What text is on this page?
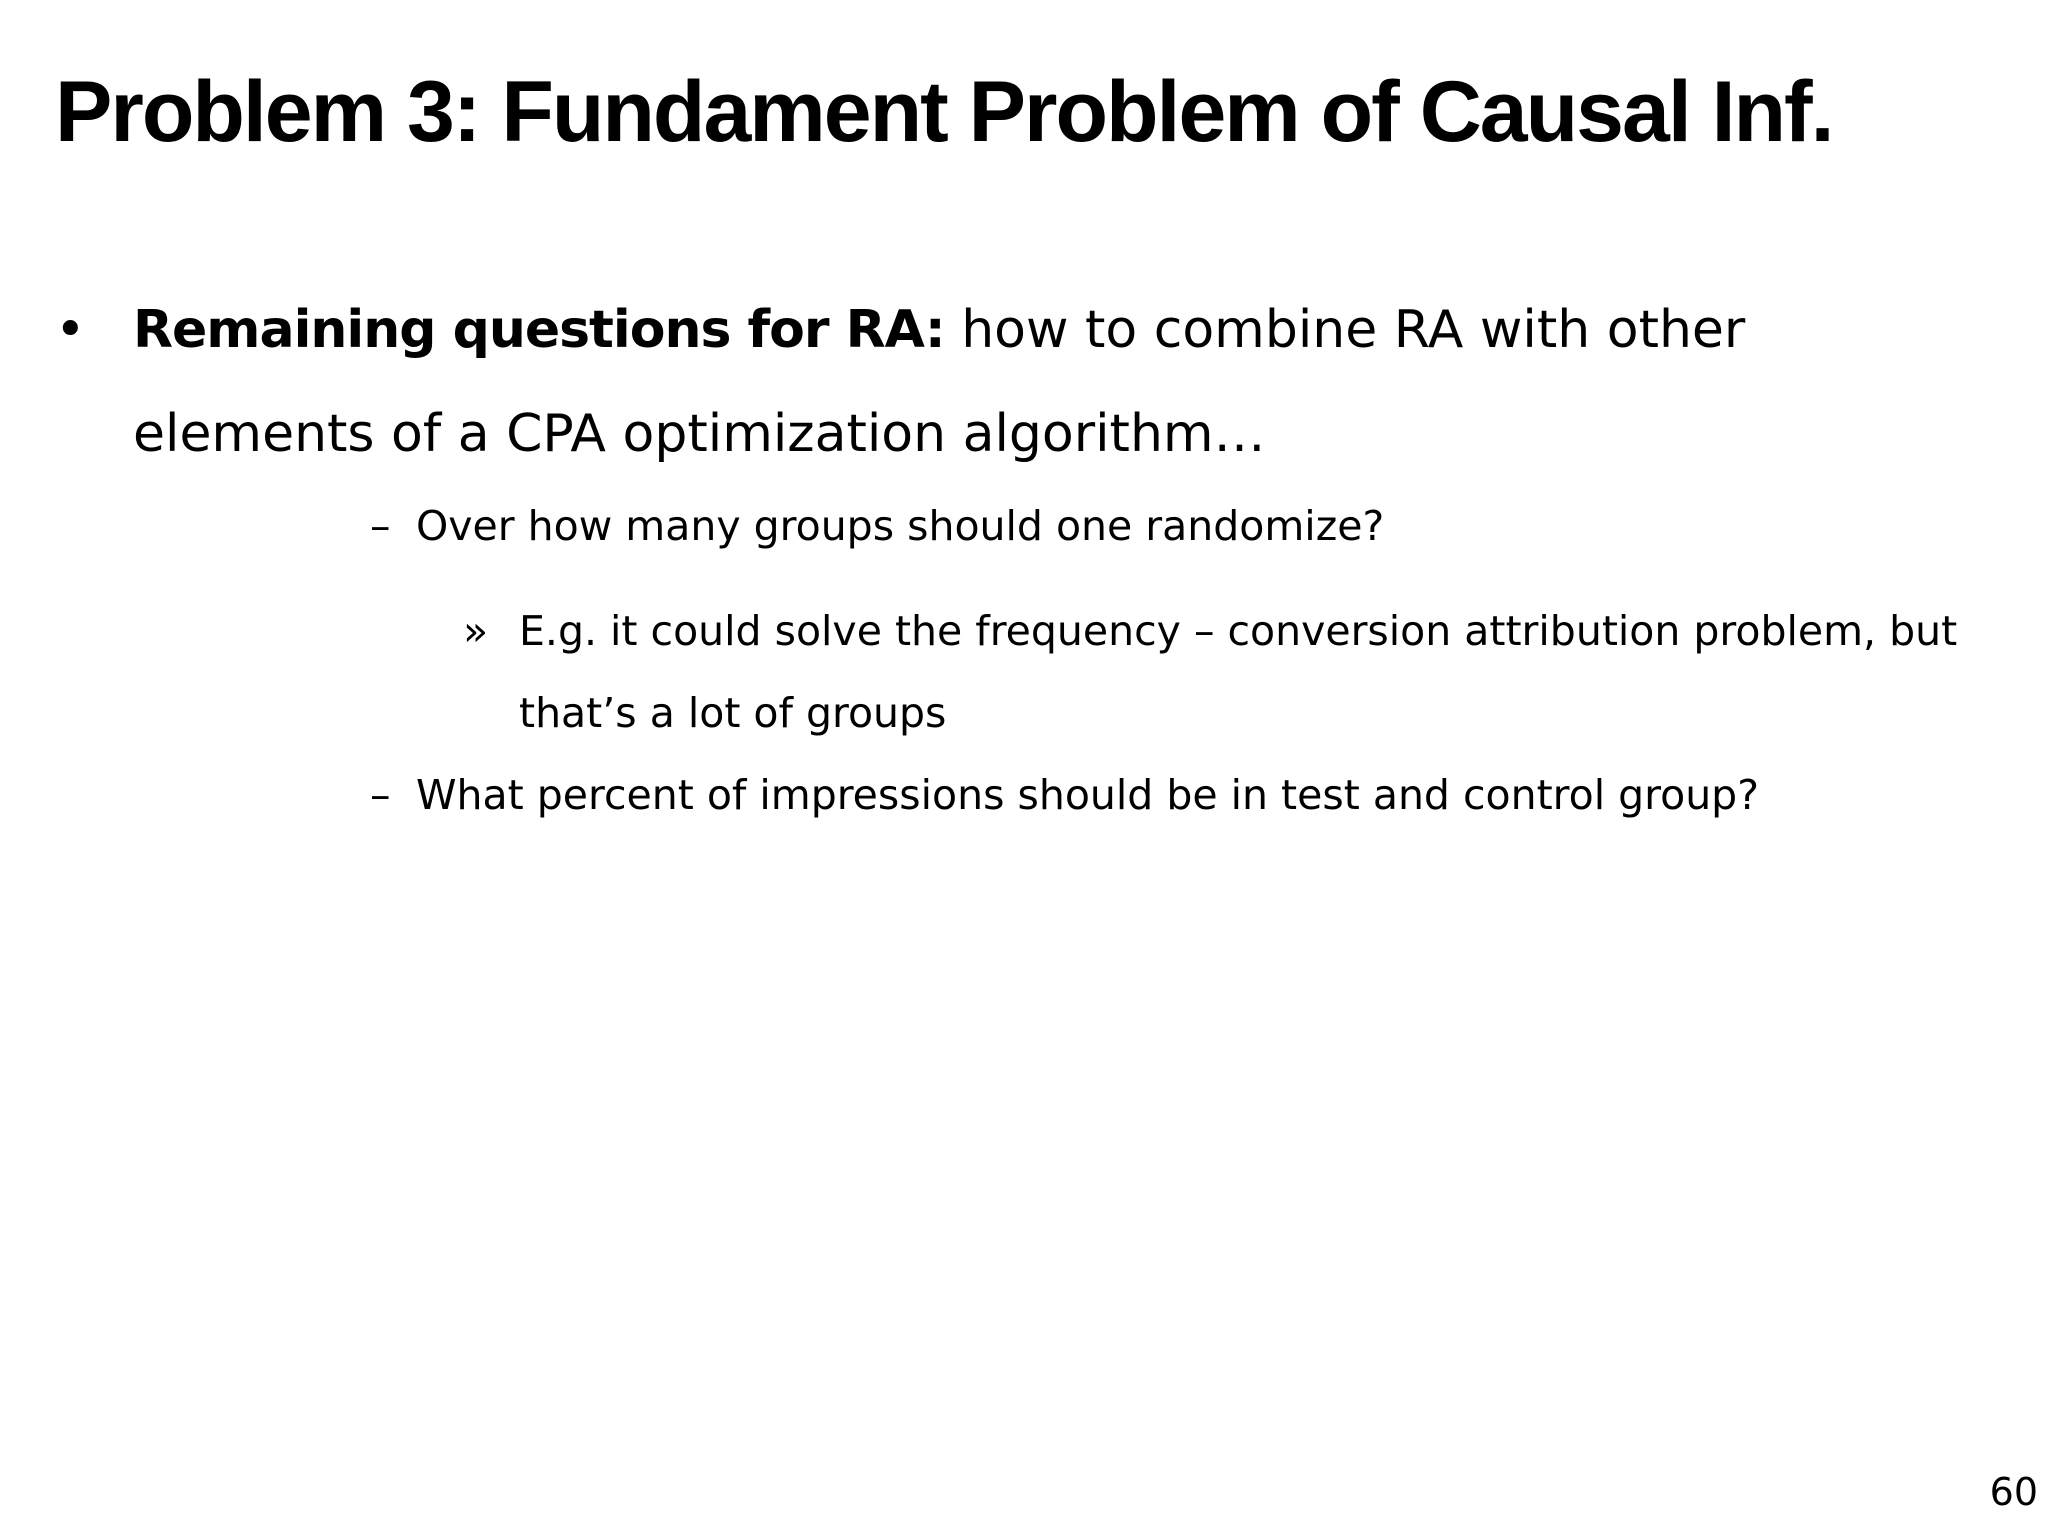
Problem 3: Fundament Problem of Causal Inf.
• Remaining questions for RA: how to combine RA with other elements of a CPA optimization algorithm…
– Over how many groups should one randomize?
» E.g. it could solve the frequency – conversion attribution problem, but that’s a lot of groups
– What percent of impressions should be in test and control group?
60
